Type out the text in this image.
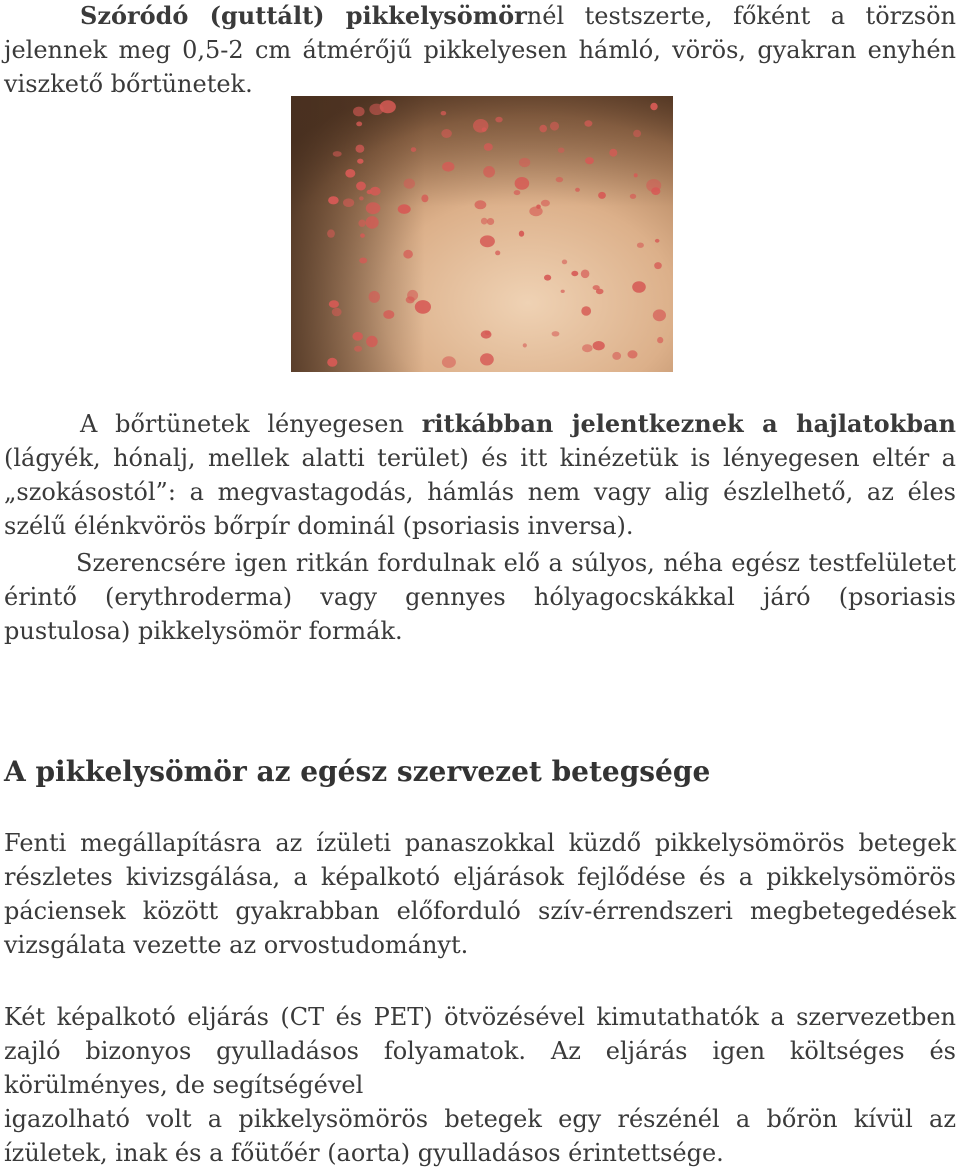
Szóródó (guttált) pikkelysömörnél testszerte, főként a törzsön jelennek meg 0,5-2 cm átmérőjű pikkelyesen hámló, vörös, gyakran enyhén viszkető bőrtünetek.

A bőrtünetek lényegesen ritkábban jelentkeznek a hajlatokban (lágyék, hónalj, mellek alatti terület) és itt kinézetük is lényegesen eltér a „szokásostól”: a megvastagodás, hámlás nem vagy alig észlelhető, az éles szélű élénkvörös bőrpír dominál (psoriasis inversa).

Szerencsére igen ritkán fordulnak elő a súlyos, néha egész testfelületet érintő (erythroderma) vagy gennyes hólyagocskákkal járó (psoriasis pustulosa) pikkelysömör formák.

A pikkelysömör az egész szervezet betegsége

Fenti megállapításra az ízületi panaszokkal küzdő pikkelysömörös betegek részletes kivizsgálása, a képalkotó eljárások fejlődése és a pikkelysömörös páciensek között gyakrabban előforduló szív-érrendszeri megbetegedések vizsgálata vezette az orvostudományt.

Két képalkotó eljárás (CT és PET) ötvözésével kimutathatók a szervezetben zajló bizonyos gyulladásos folyamatok. Az eljárás igen költséges és körülményes, de segítségével

igazolható volt a pikkelysömörös betegek egy részénél a bőrön kívül az ízületek, inak és a főütőér (aorta) gyulladásos érintettsége.
